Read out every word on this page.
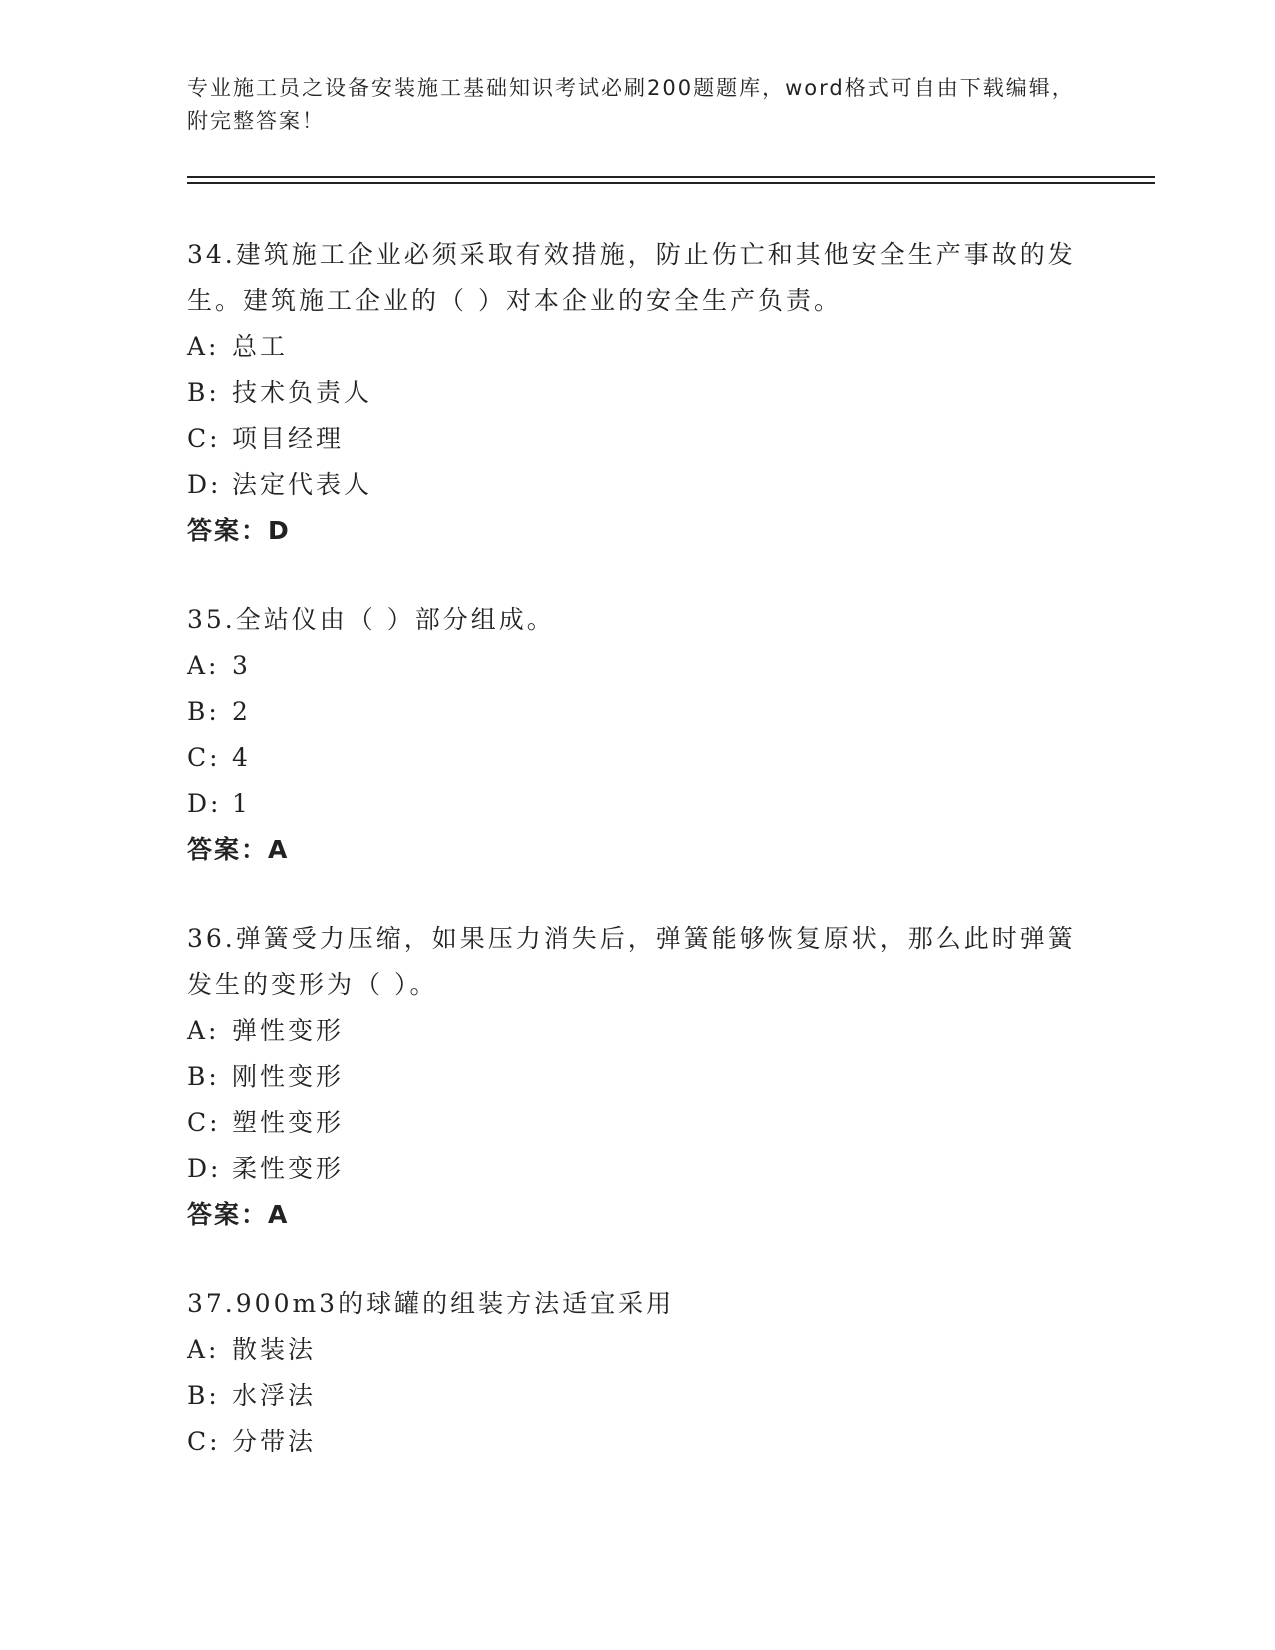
专业施工员之设备安装施工基础知识考试必刷200题题库，word格式可自由下载编辑，附完整答案！

34.建筑施工企业必须采取有效措施，防止伤亡和其他安全生产事故的发生。建筑施工企业的（ ）对本企业的安全生产负责。

A: 总工
B: 技术负责人
C: 项目经理
D: 法定代表人
答案：D

35.全站仪由（ ）部分组成。

A: 3
B: 2
C: 4
D: 1
答案：A

36.弹簧受力压缩，如果压力消失后，弹簧能够恢复原状，那么此时弹簧发生的变形为（ ）。

A: 弹性变形
B: 刚性变形
C: 塑性变形
D: 柔性变形
答案：A

37.900m3的球罐的组装方法适宜采用

A: 散装法
B: 水浮法
C: 分带法
